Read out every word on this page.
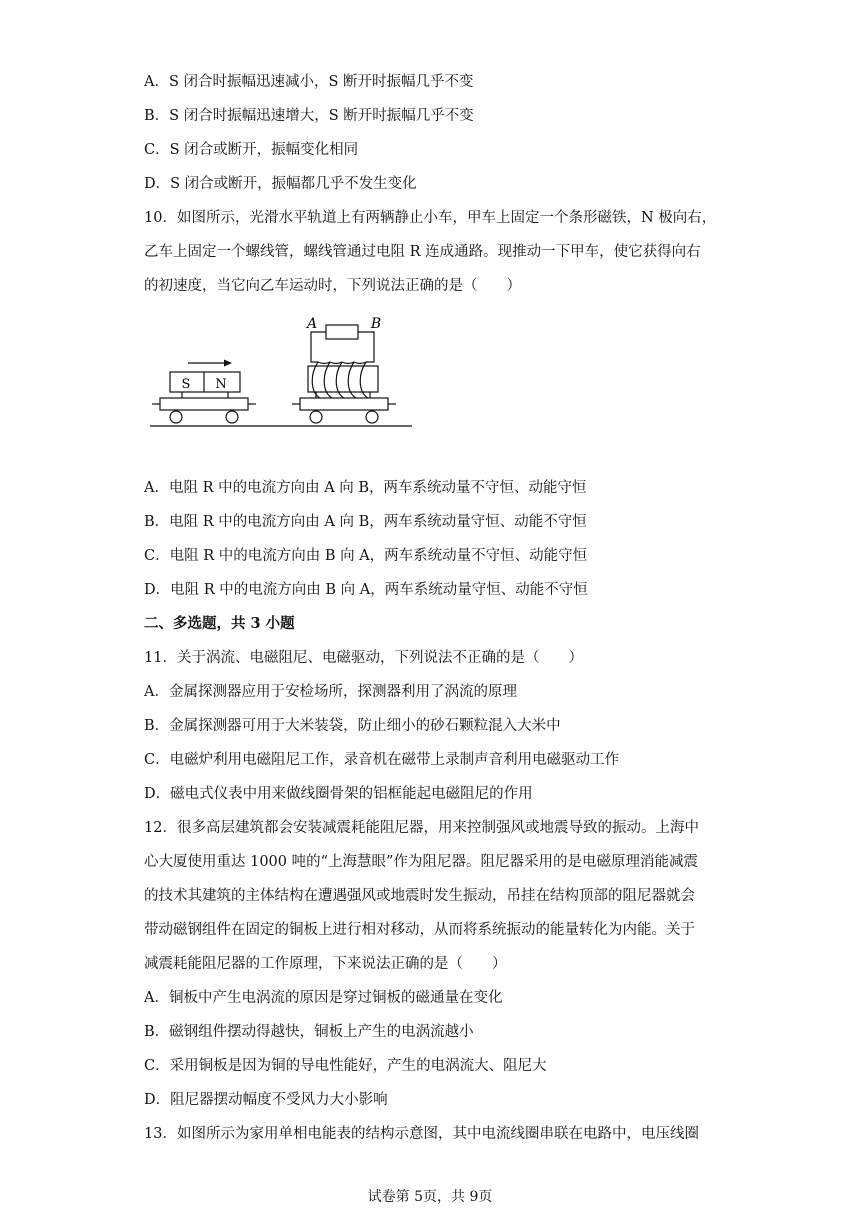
A．S 闭合时振幅迅速减小，S 断开时振幅几乎不变
B．S 闭合时振幅迅速增大，S 断开时振幅几乎不变
C．S 闭合或断开，振幅变化相同
D．S 闭合或断开，振幅都几乎不发生变化
10．如图所示，光滑水平轨道上有两辆静止小车，甲车上固定一个条形磁铁，N 极向右，
乙车上固定一个螺线管，螺线管通过电阻 R 连成通路。现推动一下甲车，使它获得向右
的初速度，当它向乙车运动时，下列说法正确的是（　　）
S N
A	B
A．电阻 R 中的电流方向由 A 向 B，两车系统动量不守恒、动能守恒
B．电阻 R 中的电流方向由 A 向 B，两车系统动量守恒、动能不守恒
C．电阻 R 中的电流方向由 B 向 A，两车系统动量不守恒、动能守恒
D．电阻 R 中的电流方向由 B 向 A，两车系统动量守恒、动能不守恒
二、多选题，共 3 小题
11．关于涡流、电磁阻尼、电磁驱动，下列说法不正确的是（　　）
A．金属探测器应用于安检场所，探测器利用了涡流的原理
B．金属探测器可用于大米装袋，防止细小的砂石颗粒混入大米中
C．电磁炉利用电磁阻尼工作，录音机在磁带上录制声音利用电磁驱动工作
D．磁电式仪表中用来做线圈骨架的铝框能起电磁阻尼的作用
12．很多高层建筑都会安装减震耗能阻尼器，用来控制强风或地震导致的振动。上海中
心大厦使用重达 1000 吨的“上海慧眼”作为阻尼器。阻尼器采用的是电磁原理消能减震
的技术其建筑的主体结构在遭遇强风或地震时发生振动，吊挂在结构顶部的阻尼器就会
带动磁钢组件在固定的铜板上进行相对移动，从而将系统振动的能量转化为内能。关于
减震耗能阻尼器的工作原理，下来说法正确的是（　　）
A．铜板中产生电涡流的原因是穿过铜板的磁通量在变化
B．磁钢组件摆动得越快，铜板上产生的电涡流越小
C．采用铜板是因为铜的导电性能好，产生的电涡流大、阻尼大
D．阻尼器摆动幅度不受风力大小影响
13．如图所示为家用单相电能表的结构示意图，其中电流线圈串联在电路中，电压线圈
试卷第 5页，共 9页
